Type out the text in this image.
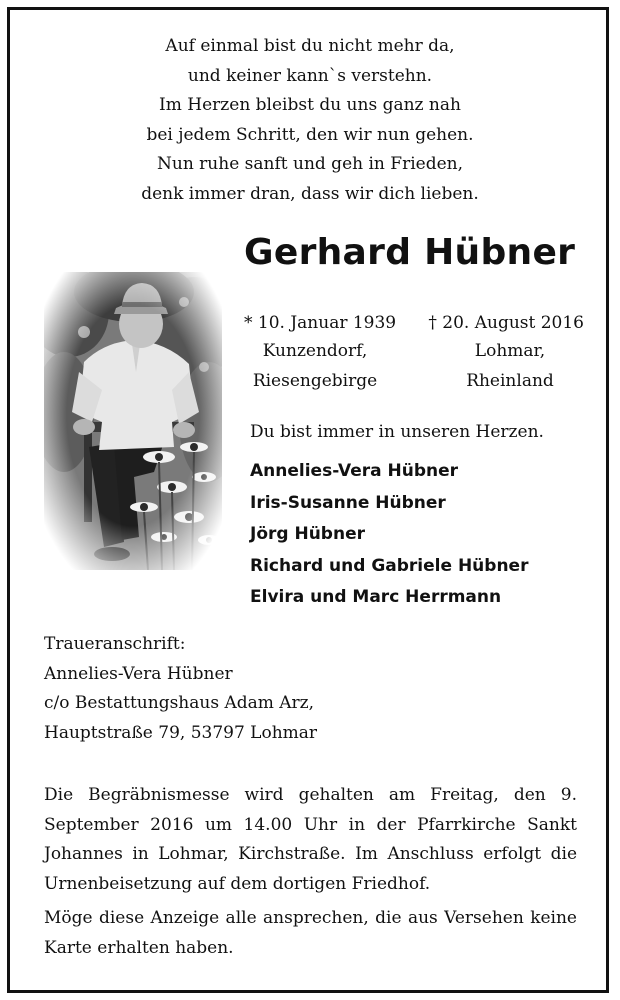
Auf einmal bist du nicht mehr da,
und keiner kann`s verstehn.
Im Herzen bleibst du uns ganz nah
bei jedem Schritt, den wir nun gehen.
Nun ruhe sanft und geh in Frieden,
denk immer dran, dass wir dich lieben.
Gerhard Hübner
* 10. Januar 1939 † 20. August 2016
Kunzendorf,
Riesengebirge
Lohmar,
Rheinland
Du bist immer in unseren Herzen.
Annelies-Vera Hübner
Iris-Susanne Hübner
Jörg Hübner
Richard und Gabriele Hübner
Elvira und Marc Herrmann
Traueranschrift:
Annelies-Vera Hübner
c/o Bestattungshaus Adam Arz,
Hauptstraße 79, 53797 Lohmar

Die Begräbnismesse wird gehalten am Freitag, den 9. September 2016 um 14.00 Uhr in der Pfarrkirche Sankt Johannes in Lohmar, Kirchstraße. Im Anschluss erfolgt die Urnenbeisetzung auf dem dortigen Friedhof.

Möge diese Anzeige alle ansprechen, die aus Versehen keine Karte erhalten haben.
